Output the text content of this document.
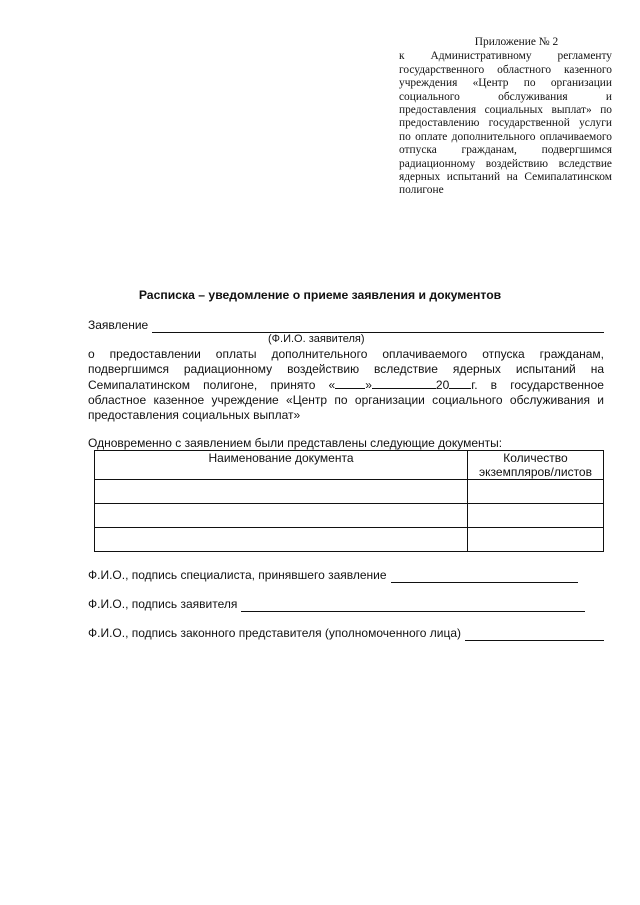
Приложение № 2
к Административному регламенту государственного областного казенного учреждения «Центр по организации социального обслуживания и предоставления социальных выплат» по предоставлению государственной услуги по оплате дополнительного оплачиваемого отпуска гражданам, подвергшимся радиационному воздействию вследствие ядерных испытаний на Семипалатинском полигоне
Расписка – уведомление о приеме заявления и документов
Заявление
(Ф.И.О. заявителя)
о предоставлении оплаты дополнительного оплачиваемого отпуска гражданам, подвергшимся радиационному воздействию вследствие ядерных испытаний на Семипалатинском полигоне, принято «	»	20 г. в государственное областное казенное учреждение «Центр по организации социального обслуживания и предоставления социальных выплат»
Одновременно с заявлением были представлены следующие документы:
Наименование документа	Количество экземпляров/листов

Ф.И.О., подпись специалиста, принявшего заявление
Ф.И.О., подпись заявителя
Ф.И.О., подпись законного представителя (уполномоченного лица)
